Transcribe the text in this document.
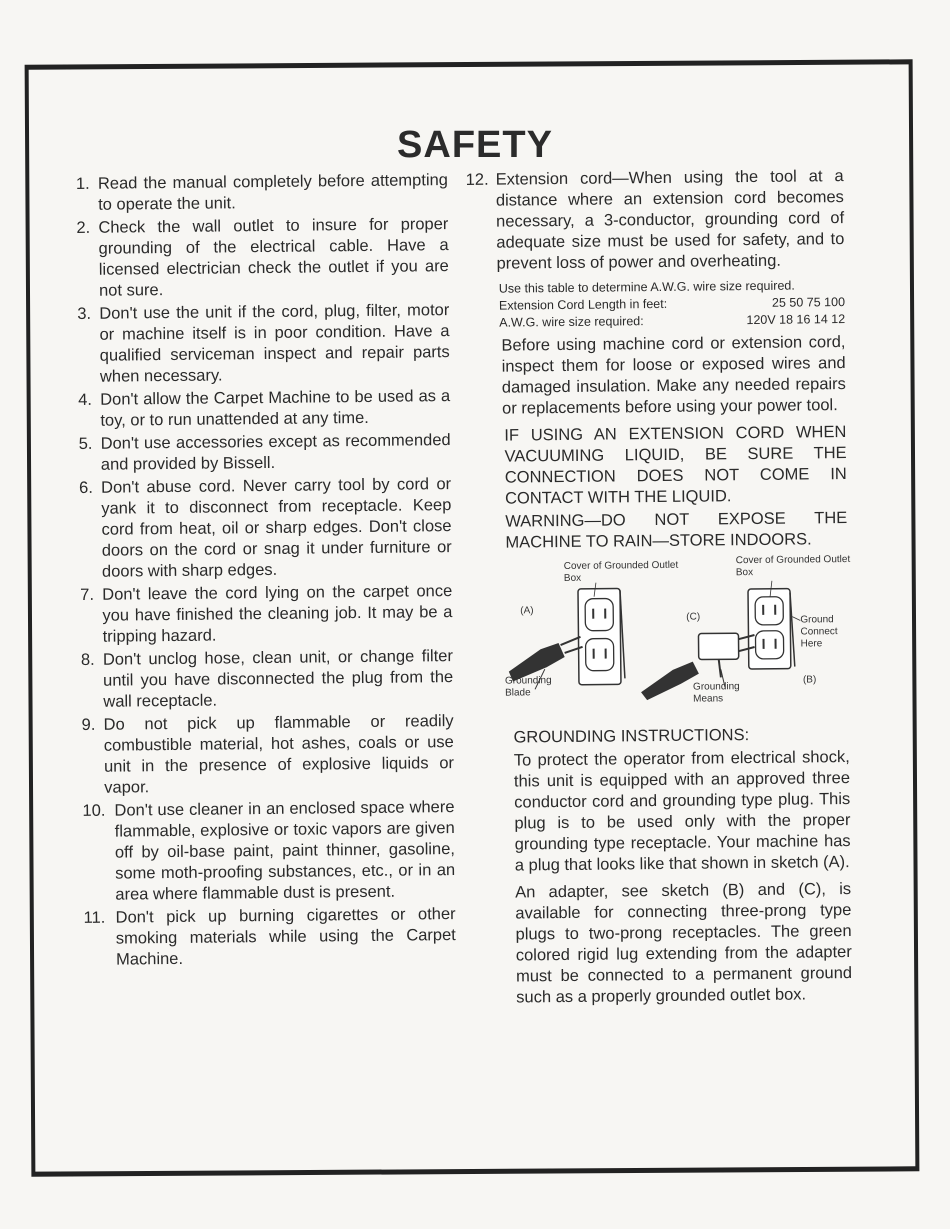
SAFETY
1. Read the manual completely before attempting to operate the unit.
2. Check the wall outlet to insure for proper grounding of the electrical cable. Have a licensed electrician check the outlet if you are not sure.
3. Don't use the unit if the cord, plug, filter, motor or machine itself is in poor condition. Have a qualified serviceman inspect and repair parts when necessary.
4. Don't allow the Carpet Machine to be used as a toy, or to run unattended at any time.
5. Don't use accessories except as recommended and provided by Bissell.
6. Don't abuse cord. Never carry tool by cord or yank it to disconnect from receptacle. Keep cord from heat, oil or sharp edges. Don't close doors on the cord or snag it under furniture or doors with sharp edges.
7. Don't leave the cord lying on the carpet once you have finished the cleaning job. It may be a tripping hazard.
8. Don't unclog hose, clean unit, or change filter until you have disconnected the plug from the wall receptacle.
9. Do not pick up flammable or readily combustible material, hot ashes, coals or use unit in the presence of explosive liquids or vapor.
10. Don't use cleaner in an enclosed space where flammable, explosive or toxic vapors are given off by oil-base paint, paint thinner, gasoline, some moth-proofing substances, etc., or in an area where flammable dust is present.
11. Don't pick up burning cigarettes or other smoking materials while using the Carpet Machine.
12. Extension cord—When using the tool at a distance where an extension cord becomes necessary, a 3-conductor, grounding cord of adequate size must be used for safety, and to prevent loss of power and overheating.
Use this table to determine A.W.G. wire size required.
Extension Cord Length in feet:	25 50 75 100
A.W.G. wire size required:	120V 18 16 14 12
Before using machine cord or extension cord, inspect them for loose or exposed wires and damaged insulation. Make any needed repairs or replacements before using your power tool.
IF USING AN EXTENSION CORD WHEN VACUUMING LIQUID, BE SURE THE CONNECTION DOES NOT COME IN CONTACT WITH THE LIQUID.
WARNING—DO NOT EXPOSE THE MACHINE TO RAIN—STORE INDOORS.
Cover of Grounded Outlet Box
Cover of Grounded Outlet Box
(A)
(C)	Ground Connect Here
Grounding Blade
Grounding Means
(B)
GROUNDING INSTRUCTIONS:
To protect the operator from electrical shock, this unit is equipped with an approved three conductor cord and grounding type plug. This plug is to be used only with the proper grounding type receptacle. Your machine has a plug that looks like that shown in sketch (A).
An adapter, see sketch (B) and (C), is available for connecting three-prong type plugs to two-prong receptacles. The green colored rigid lug extending from the adapter must be connected to a permanent ground such as a properly grounded outlet box.
